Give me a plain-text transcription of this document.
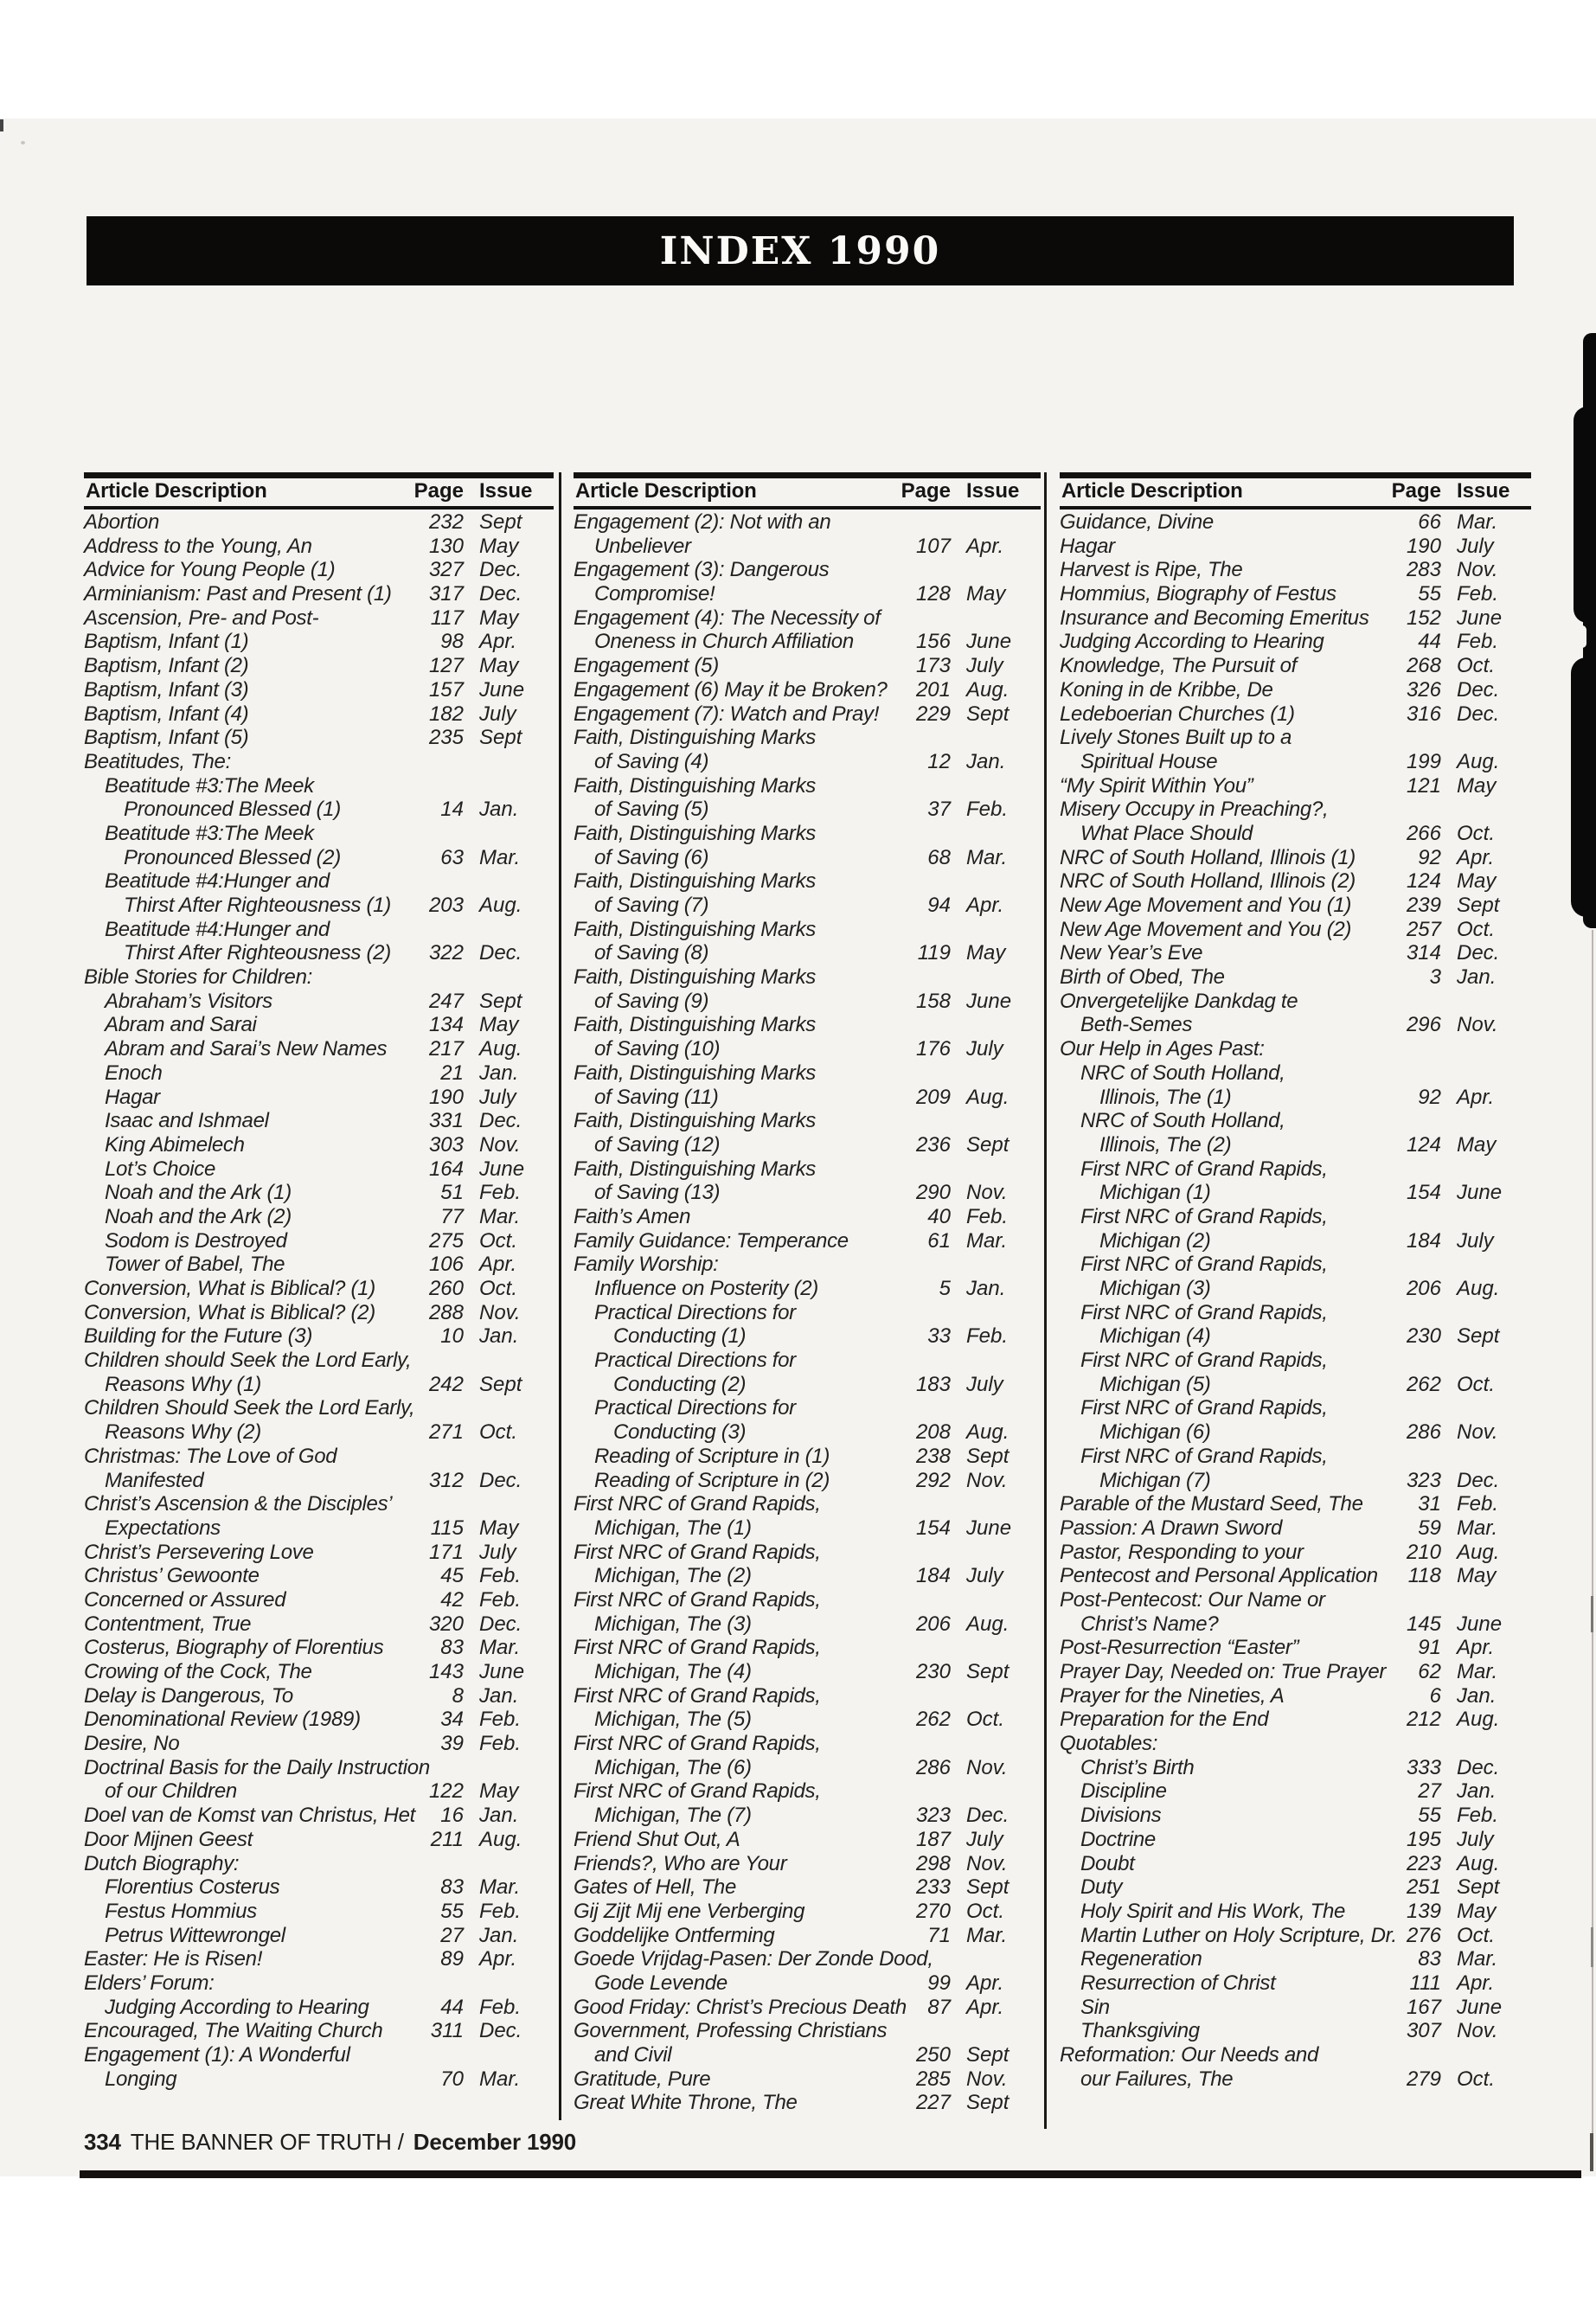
INDEX 1990
Article Description	Page Issue
Abortion	232 Sept
Address to the Young, An	130 May
Advice for Young People (1)	327 Dec.
Arminianism: Past and Present (1)	317 Dec.
Ascension, Pre- and Post-	117 May
Baptism, Infant (1)	98 Apr.
Baptism, Infant (2)	127 May
Baptism, Infant (3)	157 June
Baptism, Infant (4)	182 July
Baptism, Infant (5)	235 Sept
Beatitudes, The:
Beatitude #3:The Meek
Pronounced Blessed (1)	14 Jan.
Beatitude #3:The Meek
Pronounced Blessed (2)	63 Mar.
Beatitude #4:Hunger and
Thirst After Righteousness (1)	203 Aug.
Beatitude #4:Hunger and
Thirst After Righteousness (2)	322 Dec.
Bible Stories for Children:
Abraham’s Visitors	247 Sept
Abram and Sarai	134 May
Abram and Sarai’s New Names	217 Aug.
Enoch	21 Jan.
Hagar	190 July
Isaac and Ishmael	331 Dec.
King Abimelech	303 Nov.
Lot’s Choice	164 June
Noah and the Ark (1)	51 Feb.
Noah and the Ark (2)	77 Mar.
Sodom is Destroyed	275 Oct.
Tower of Babel, The	106 Apr.
Conversion, What is Biblical? (1)	260 Oct.
Conversion, What is Biblical? (2)	288 Nov.
Building for the Future (3)	10 Jan.
Children should Seek the Lord Early,
Reasons Why (1)	242 Sept
Children Should Seek the Lord Early,
Reasons Why (2)	271 Oct.
Christmas: The Love of God
Manifested	312 Dec.
Christ’s Ascension & the Disciples’
Expectations	115 May
Christ’s Persevering Love	171 July
Christus’ Gewoonte	45 Feb.
Concerned or Assured	42 Feb.
Contentment, True	320 Dec.
Costerus, Biography of Florentius	83 Mar.
Crowing of the Cock, The	143 June
Delay is Dangerous, To	8 Jan.
Denominational Review (1989)	34 Feb.
Desire, No	39 Feb.
Doctrinal Basis for the Daily Instruction
of our Children	122 May
Doel van de Komst van Christus, Het	16 Jan.
Door Mijnen Geest	211 Aug.
Dutch Biography:
Florentius Costerus	83 Mar.
Festus Hommius	55 Feb.
Petrus Wittewrongel	27 Jan.
Easter: He is Risen!	89 Apr.
Elders’ Forum:
Judging According to Hearing	44 Feb.
Encouraged, The Waiting Church	311 Dec.
Engagement (1): A Wonderful
Longing	70 Mar.
Article Description	Page Issue
Engagement (2): Not with an
Unbeliever	107 Apr.
Engagement (3): Dangerous
Compromise!	128 May
Engagement (4): The Necessity of
Oneness in Church Affiliation	156 June
Engagement (5)	173 July
Engagement (6) May it be Broken?	201 Aug.
Engagement (7): Watch and Pray!	229 Sept
Faith, Distinguishing Marks
of Saving (4)	12 Jan.
Faith, Distinguishing Marks
of Saving (5)	37 Feb.
Faith, Distinguishing Marks
of Saving (6)	68 Mar.
Faith, Distinguishing Marks
of Saving (7)	94 Apr.
Faith, Distinguishing Marks
of Saving (8)	119 May
Faith, Distinguishing Marks
of Saving (9)	158 June
Faith, Distinguishing Marks
of Saving (10)	176 July
Faith, Distinguishing Marks
of Saving (11)	209 Aug.
Faith, Distinguishing Marks
of Saving (12)	236 Sept
Faith, Distinguishing Marks
of Saving (13)	290 Nov.
Faith’s Amen	40 Feb.
Family Guidance: Temperance	61 Mar.
Family Worship:
Influence on Posterity (2)	5 Jan.
Practical Directions for
Conducting (1)	33 Feb.
Practical Directions for
Conducting (2)	183 July
Practical Directions for
Conducting (3)	208 Aug.
Reading of Scripture in (1)	238 Sept
Reading of Scripture in (2)	292 Nov.
First NRC of Grand Rapids,
Michigan, The (1)	154 June
First NRC of Grand Rapids,
Michigan, The (2)	184 July
First NRC of Grand Rapids,
Michigan, The (3)	206 Aug.
First NRC of Grand Rapids,
Michigan, The (4)	230 Sept
First NRC of Grand Rapids,
Michigan, The (5)	262 Oct.
First NRC of Grand Rapids,
Michigan, The (6)	286 Nov.
First NRC of Grand Rapids,
Michigan, The (7)	323 Dec.
Friend Shut Out, A	187 July
Friends?, Who are Your	298 Nov.
Gates of Hell, The	233 Sept
Gij Zijt Mij ene Verberging	270 Oct.
Goddelijke Ontferming	71 Mar.
Goede Vrijdag-Pasen: Der Zonde Dood,
Gode Levende	99 Apr.
Good Friday: Christ’s Precious Death	87 Apr.
Government, Professing Christians
and Civil	250 Sept
Gratitude, Pure	285 Nov.
Great White Throne, The	227 Sept
Article Description	Page Issue
Guidance, Divine	66 Mar.
Hagar	190 July
Harvest is Ripe, The	283 Nov.
Hommius, Biography of Festus	55 Feb.
Insurance and Becoming Emeritus	152 June
Judging According to Hearing	44 Feb.
Knowledge, The Pursuit of	268 Oct.
Koning in de Kribbe, De	326 Dec.
Ledeboerian Churches (1)	316 Dec.
Lively Stones Built up to a
Spiritual House	199 Aug.
“My Spirit Within You”	121 May
Misery Occupy in Preaching?,
What Place Should	266 Oct.
NRC of South Holland, Illinois (1)	92 Apr.
NRC of South Holland, Illinois (2)	124 May
New Age Movement and You (1)	239 Sept
New Age Movement and You (2)	257 Oct.
New Year’s Eve	314 Dec.
Birth of Obed, The	3 Jan.
Onvergetelijke Dankdag te
Beth-Semes	296 Nov.
Our Help in Ages Past:
NRC of South Holland,
Illinois, The (1)	92 Apr.
NRC of South Holland,
Illinois, The (2)	124 May
First NRC of Grand Rapids,
Michigan (1)	154 June
First NRC of Grand Rapids,
Michigan (2)	184 July
First NRC of Grand Rapids,
Michigan (3)	206 Aug.
First NRC of Grand Rapids,
Michigan (4)	230 Sept
First NRC of Grand Rapids,
Michigan (5)	262 Oct.
First NRC of Grand Rapids,
Michigan (6)	286 Nov.
First NRC of Grand Rapids,
Michigan (7)	323 Dec.
Parable of the Mustard Seed, The	31 Feb.
Passion: A Drawn Sword	59 Mar.
Pastor, Responding to your	210 Aug.
Pentecost and Personal Application	118 May
Post-Pentecost: Our Name or
Christ’s Name?	145 June
Post-Resurrection “Easter”	91 Apr.
Prayer Day, Needed on: True Prayer	62 Mar.
Prayer for the Nineties, A	6 Jan.
Preparation for the End	212 Aug.
Quotables:
Christ’s Birth	333 Dec.
Discipline	27 Jan.
Divisions	55 Feb.
Doctrine	195 July
Doubt	223 Aug.
Duty	251 Sept
Holy Spirit and His Work, The	139 May
Martin Luther on Holy Scripture, Dr. 276 Oct.
Regeneration	83 Mar.
Resurrection of Christ	111 Apr.
Sin	167 June
Thanksgiving	307 Nov.
Reformation: Our Needs and
our Failures, The	279 Oct.
334 THE BANNER OF TRUTH / December 1990
